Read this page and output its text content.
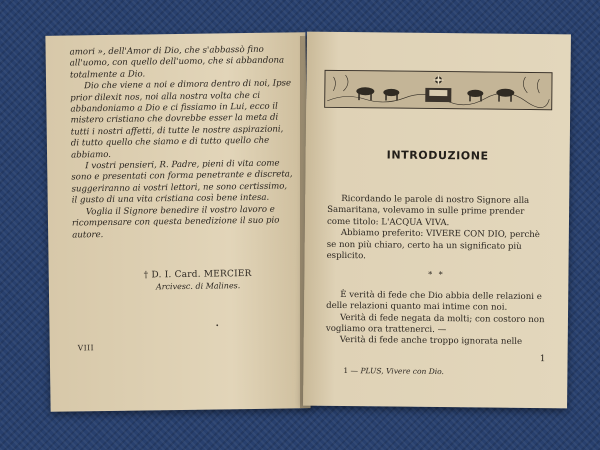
amori », dell'Amor di Dio, che s'abbassò fino all'uomo, con quello dell'uomo, che si abbandona totalmente a Dio.

Dio che viene a noi e dimora dentro di noi, Ipse prior dilexit nos, noi alla nostra volta che ci abbandoniamo a Dio e ci fissiamo in Lui, ecco il mistero cristiano che dovrebbe esser la meta di tutti i nostri affetti, di tutte le nostre aspirazioni, di tutto quello che siamo e di tutto quello che abbiamo.

I vostri pensieri, R. Padre, pieni di vita come sono e presentati con forma penetrante e discreta, suggeriranno ai vostri lettori, ne sono certissimo, il gusto di una vita cristiana così bene intesa.

Voglia il Signore benedire il vostro lavoro e ricompensare con questa benedizione il suo pio autore.

† D. I. Card. MERCIER
Arcivesc. di Malines.
•
VIII
INTRODUZIONE

Ricordando le parole di nostro Signore alla Samaritana, volevamo in sulle prime prender come titolo: L'ACQUA VIVA.

Abbiamo preferito: VIVERE CON DIO, perchè se non più chiaro, certo ha un significato più esplicito.

* *

È verità di fede che Dio abbia delle relazioni e delle relazioni quanto mai intime con noi.

Verità di fede negata da molti; con costoro non vogliamo ora trattenerci. —

Verità di fede anche troppo ignorata nelle

1
1 — PLUS, Vivere con Dio.
